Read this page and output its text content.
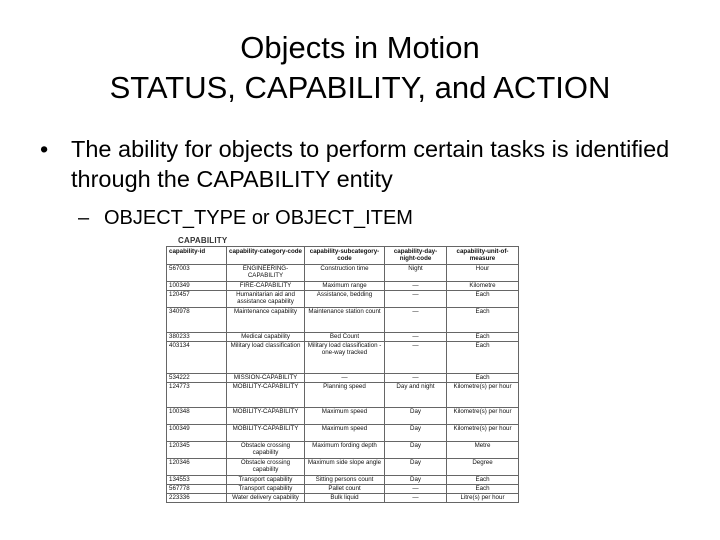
Objects in Motion
STATUS, CAPABILITY, and ACTION
• The ability for objects to perform certain tasks is identified through the CAPABILITY entity
– OBJECT_TYPE or OBJECT_ITEM
CAPABILITY
capability-id	capability-category-code	capability-subcategory-code	capability-day-night-code	capability-unit-of-measure
567003	ENGINEERING-CAPABILITY	Construction time	Night	Hour
100349	FIRE-CAPABILITY	Maximum range	—	Kilometre
120457	Humanitarian aid and assistance capability	Assistance, bedding	—	Each
340978	Maintenance capability	Maintenance station count	—	Each
380233	Medical capability	Bed Count	—	Each
403134	Military load classification	Military load classification - one-way tracked	—	Each
534222	MISSION-CAPABILITY	—	—	Each
124773	MOBILITY-CAPABILITY	Planning speed	Day and night	Kilometre(s) per hour
100348	MOBILITY-CAPABILITY	Maximum speed	Day	Kilometre(s) per hour
100349	MOBILITY-CAPABILITY	Maximum speed	Day	Kilometre(s) per hour
120345	Obstacle crossing capability	Maximum fording depth	Day	Metre
120346	Obstacle crossing capability	Maximum side slope angle	Day	Degree
134553	Transport capability	Sitting persons count	Day	Each
567778	Transport capability	Pallet count	—	Each
223336	Water delivery capability	Bulk liquid	—	Litre(s) per hour
